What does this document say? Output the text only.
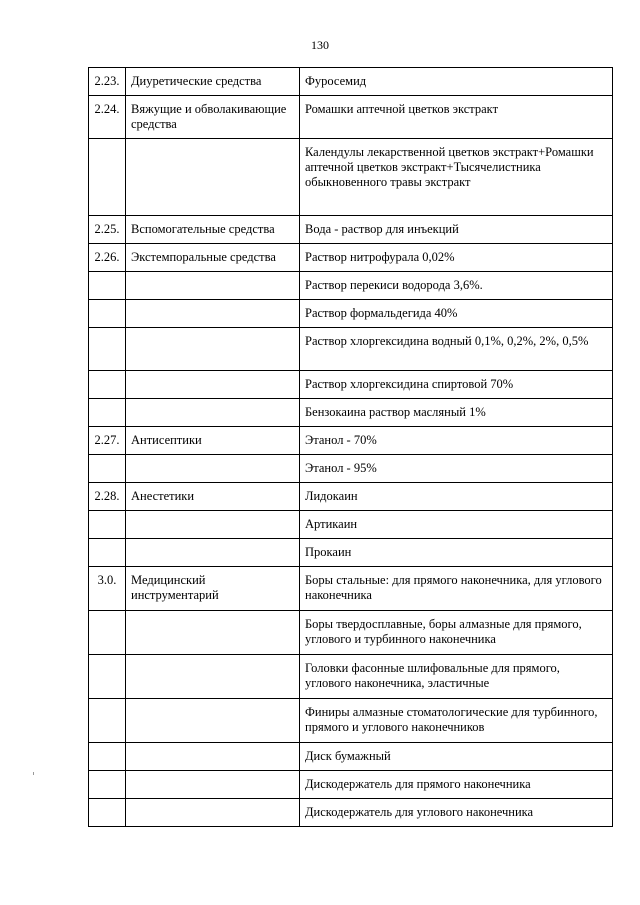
130
2.23.	Диуретические средства	Фуросемид
2.24.	Вяжущие и обволакивающие средства	Ромашки аптечной цветков экстракт
		Календулы лекарственной цветков экстракт+Ромашки аптечной цветков экстракт+Тысячелистника обыкновенного травы экстракт
2.25.	Вспомогательные средства	Вода - раствор для инъекций
2.26.	Экстемпоральные средства	Раствор нитрофурала 0,02%
		Раствор перекиси водорода 3,6%.
		Раствор формальдегида 40%
		Раствор хлоргексидина водный 0,1%, 0,2%, 2%, 0,5%
		Раствор хлоргексидина спиртовой 70%
		Бензокаина раствор масляный 1%
2.27.	Антисептики	Этанол - 70%
		Этанол - 95%
2.28.	Анестетики	Лидокаин
		Артикаин
		Прокаин
3.0.	Медицинский инструментарий	Боры стальные: для прямого наконечника, для углового наконечника
		Боры твердосплавные, боры алмазные для прямого, углового и турбинного наконечника
		Головки фасонные шлифовальные для прямого, углового наконечника, эластичные
		Финиры алмазные стоматологические для турбинного, прямого и углового наконечников
		Диск бумажный
		Дискодержатель для прямого наконечника
		Дискодержатель для углового наконечника
